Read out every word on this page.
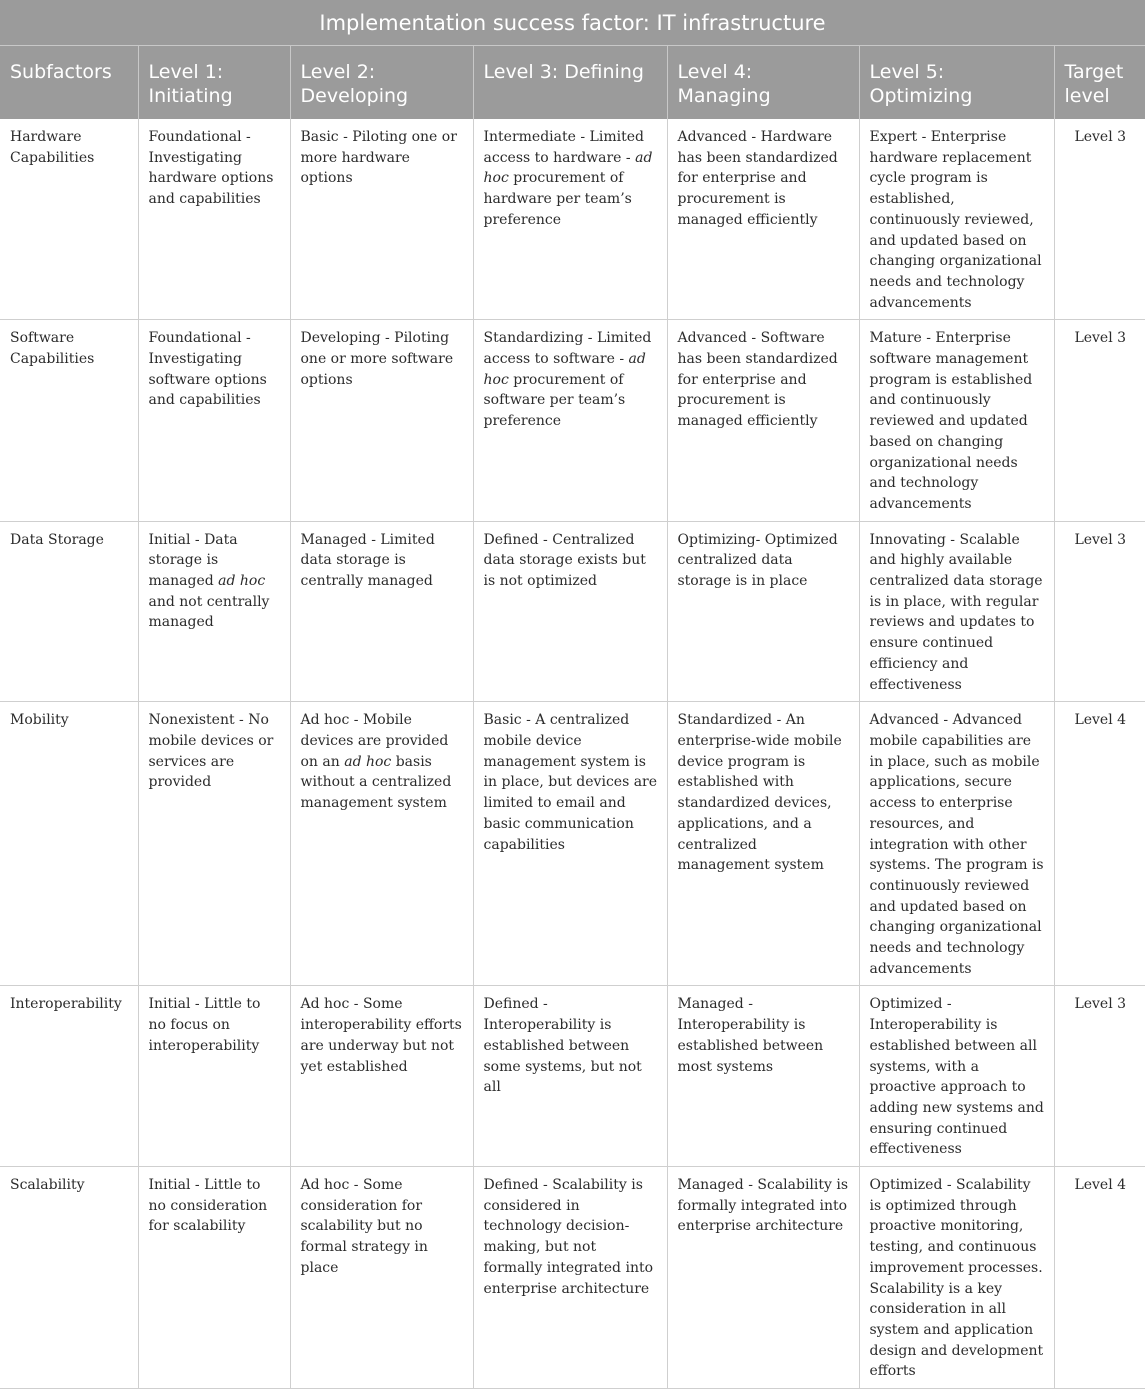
Implementation success factor: IT infrastructure						
Subfactors	Level 1: Initiating	Level 2: Developing	Level 3: Defining	Level 4: Managing	Level 5: Optimizing	Target level
Hardware Capabilities	Foundational - Investigating hardware options and capabilities	Basic - Piloting one or more hardware options	Intermediate - Limited access to hardware - ad hoc procurement of hardware per team’s preference	Advanced - Hardware has been standardized for enterprise and procurement is managed efficiently	Expert - Enterprise hardware replacement cycle program is established, continuously reviewed, and updated based on changing organizational needs and technology advancements	Level 3
Software Capabilities	Foundational - Investigating software options and capabilities	Developing - Piloting one or more software options	Standardizing - Limited access to software - ad hoc procurement of software per team’s preference	Advanced - Software has been standardized for enterprise and procurement is managed efficiently	Mature - Enterprise software management program is established and continuously reviewed and updated based on changing organizational needs and technology advancements	Level 3
Data Storage	Initial - Data storage is managed ad hoc and not centrally managed	Managed - Limited data storage is centrally managed	Defined - Centralized data storage exists but is not optimized	Optimizing- Optimized centralized data storage is in place	Innovating - Scalable and highly available centralized data storage is in place, with regular reviews and updates to ensure continued efficiency and effectiveness	Level 3
Mobility	Nonexistent - No mobile devices or services are provided	Ad hoc - Mobile devices are provided on an ad hoc basis without a centralized management system	Basic - A centralized mobile device management system is in place, but devices are limited to email and basic communication capabilities	Standardized - An enterprise-wide mobile device program is established with standardized devices, applications, and a centralized management system	Advanced - Advanced mobile capabilities are in place, such as mobile applications, secure access to enterprise resources, and integration with other systems. The program is continuously reviewed and updated based on changing organizational needs and technology advancements	Level 4
Interoperability	Initial - Little to no focus on interoperability	Ad hoc - Some interoperability efforts are underway but not yet established	Defined - Interoperability is established between some systems, but not all	Managed - Interoperability is established between most systems	Optimized - Interoperability is established between all systems, with a proactive approach to adding new systems and ensuring continued effectiveness	Level 3
Scalability	Initial - Little to no consideration for scalability	Ad hoc - Some consideration for scalability but no formal strategy in place	Defined - Scalability is considered in technology decision-making, but not formally integrated into enterprise architecture	Managed - Scalability is formally integrated into enterprise architecture	Optimized - Scalability is optimized through proactive monitoring, testing, and continuous improvement processes. Scalability is a key consideration in all system and application design and development efforts	Level 4
